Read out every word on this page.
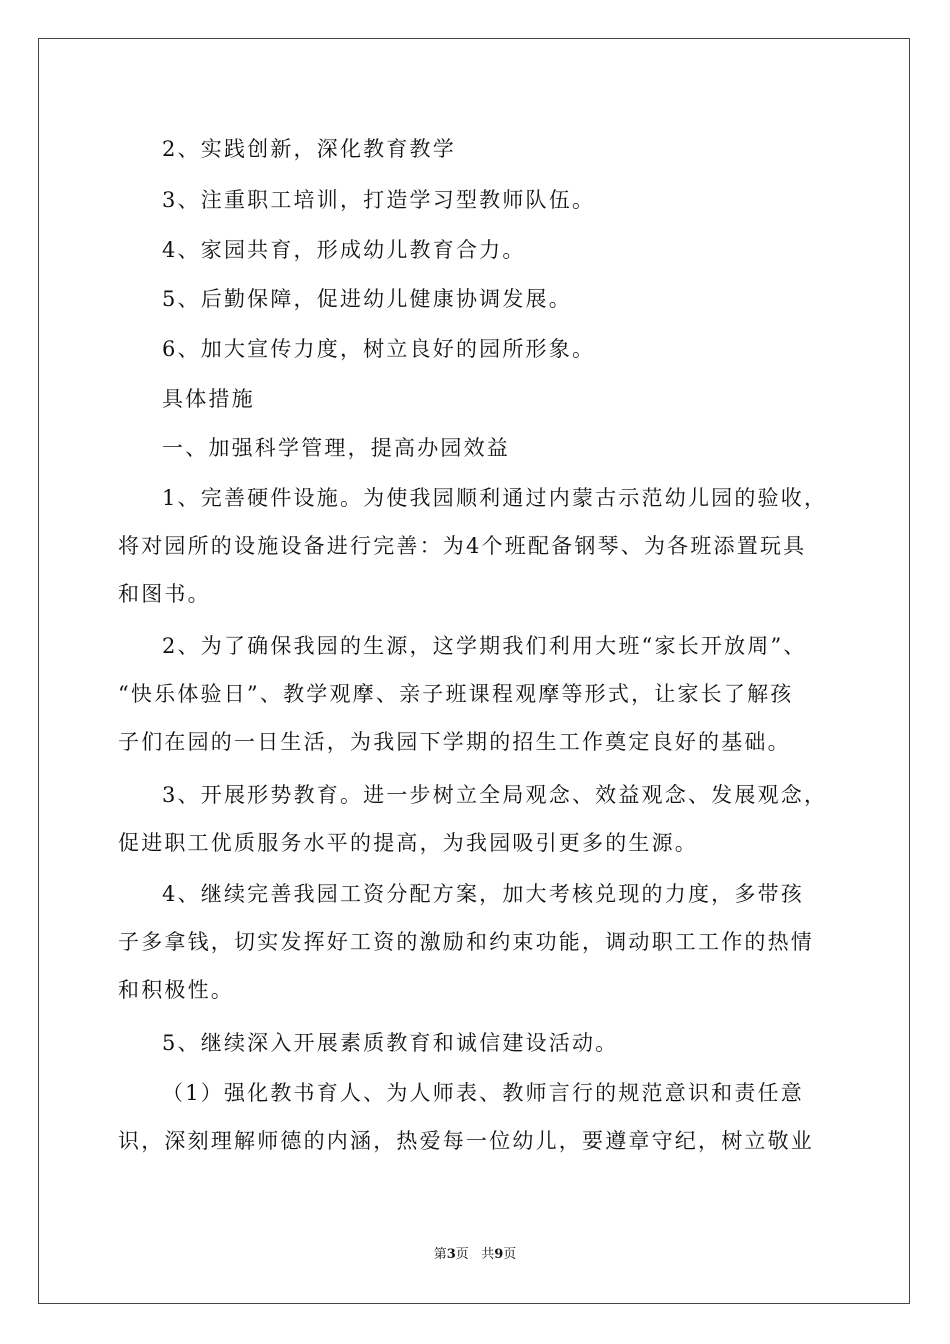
2、实践创新，深化教育教学

3、注重职工培训，打造学习型教师队伍。

4、家园共育，形成幼儿教育合力。

5、后勤保障，促进幼儿健康协调发展。

6、加大宣传力度，树立良好的园所形象。

具体措施

一、加强科学管理，提高办园效益

1、完善硬件设施。为使我园顺利通过内蒙古示范幼儿园的验收，
将对园所的设施设备进行完善：为4个班配备钢琴、为各班添置玩具
和图书。

2、为了确保我园的生源，这学期我们利用大班“家长开放周”、
“快乐体验日”、教学观摩、亲子班课程观摩等形式，让家长了解孩
子们在园的一日生活，为我园下学期的招生工作奠定良好的基础。

3、开展形势教育。进一步树立全局观念、效益观念、发展观念，
促进职工优质服务水平的提高，为我园吸引更多的生源。

4、继续完善我园工资分配方案，加大考核兑现的力度，多带孩
子多拿钱，切实发挥好工资的激励和约束功能，调动职工工作的热情
和积极性。

5、继续深入开展素质教育和诚信建设活动。

（1）强化教书育人、为人师表、教师言行的规范意识和责任意
识，深刻理解师德的内涵，热爱每一位幼儿，要遵章守纪，树立敬业

第3页 共9页
